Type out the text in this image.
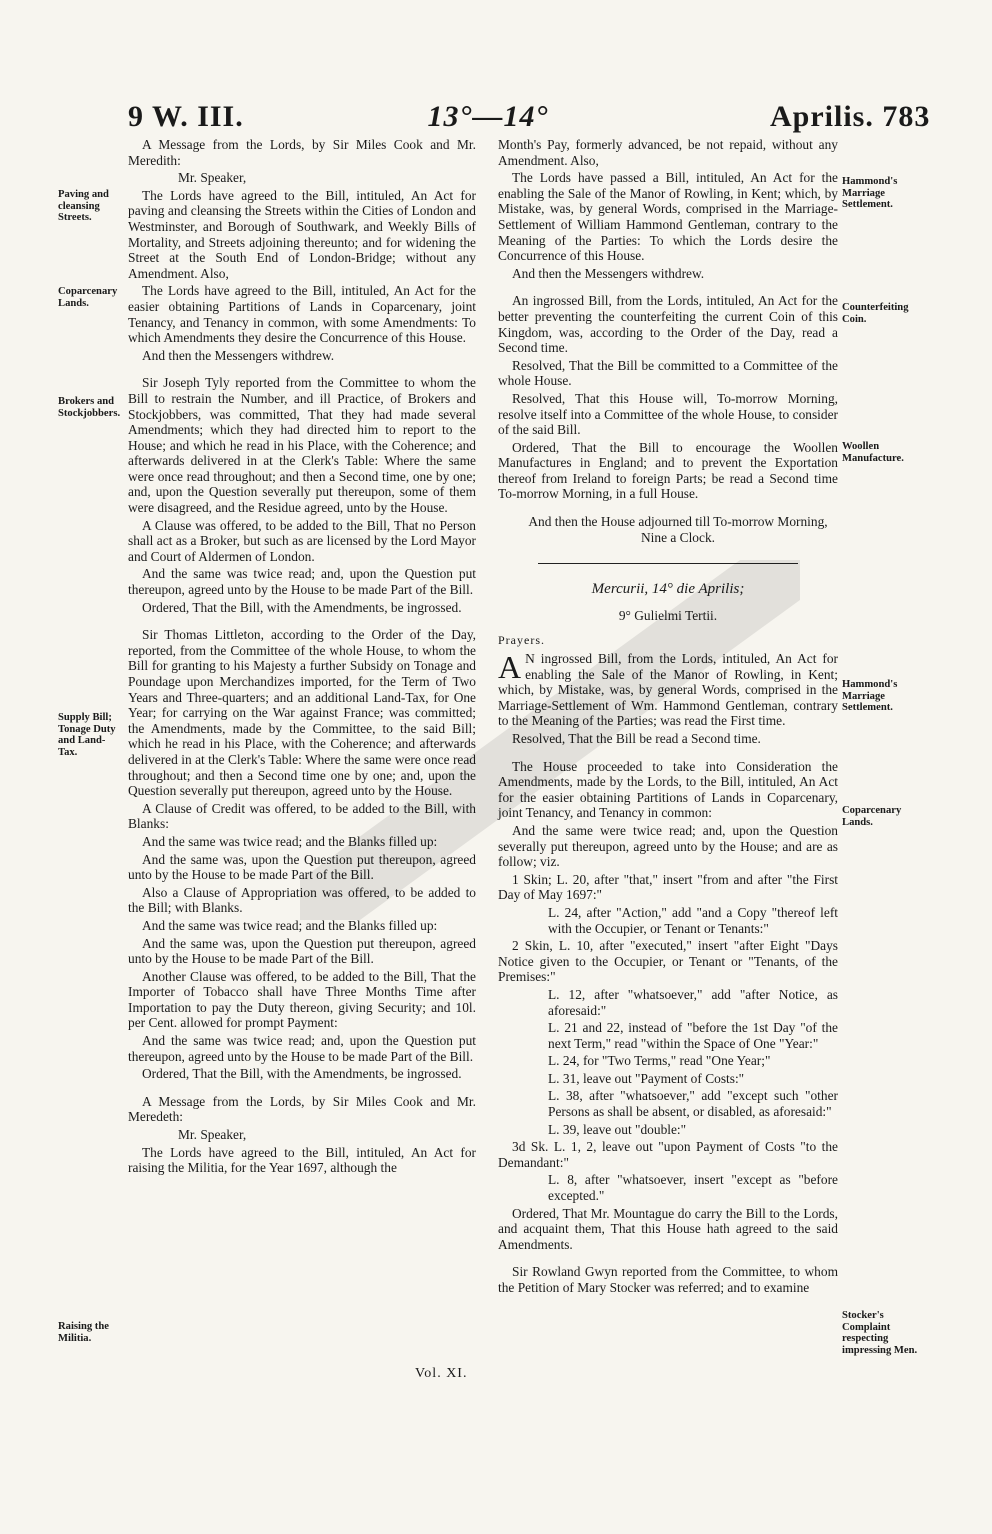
9 W. III.	13°—14°	Aprilis. 783

A Message from the Lords, by Sir Miles Cook and Mr. Meredith:

Mr. Speaker,

The Lords have agreed to the Bill, intituled, An Act for paving and cleansing the Streets within the Cities of London and Westminster, and Borough of Southwark, and Weekly Bills of Mortality, and Streets adjoining thereunto; and for widening the Street at the South End of London-Bridge; without any Amendment. Also,

The Lords have agreed to the Bill, intituled, An Act for the easier obtaining Partitions of Lands in Coparcenary, joint Tenancy, and Tenancy in common, with some Amendments: To which Amendments they desire the Concurrence of this House.

And then the Messengers withdrew.

Sir Joseph Tyly reported from the Committee to whom the Bill to restrain the Number, and ill Practice, of Brokers and Stockjobbers, was committed, That they had made several Amendments; which they had directed him to report to the House; and which he read in his Place, with the Coherence; and afterwards delivered in at the Clerk's Table: Where the same were once read throughout; and then a Second time, one by one; and, upon the Question severally put thereupon, some of them were disagreed, and the Residue agreed, unto by the House.

A Clause was offered, to be added to the Bill, That no Person shall act as a Broker, but such as are licensed by the Lord Mayor and Court of Aldermen of London.

And the same was twice read; and, upon the Question put thereupon, agreed unto by the House to be made Part of the Bill.

Ordered, That the Bill, with the Amendments, be ingrossed.

Sir Thomas Littleton, according to the Order of the Day, reported, from the Committee of the whole House, to whom the Bill for granting to his Majesty a further Subsidy on Tonage and Poundage upon Merchandizes imported, for the Term of Two Years and Three-quarters; and an additional Land-Tax, for One Year; for carrying on the War against France; was committed; the Amendments, made by the Committee, to the said Bill; which he read in his Place, with the Coherence; and afterwards delivered in at the Clerk's Table: Where the same were once read throughout; and then a Second time one by one; and, upon the Question severally put thereupon, agreed unto by the House.

A Clause of Credit was offered, to be added to the Bill, with Blanks:

And the same was twice read; and the Blanks filled up:

And the same was, upon the Question put thereupon, agreed unto by the House to be made Part of the Bill.

Also a Clause of Appropriation was offered, to be added to the Bill; with Blanks.

And the same was twice read; and the Blanks filled up:

And the same was, upon the Question put thereupon, agreed unto by the House to be made Part of the Bill.

Another Clause was offered, to be added to the Bill, That the Importer of Tobacco shall have Three Months Time after Importation to pay the Duty thereon, giving Security; and 10l. per Cent. allowed for prompt Payment:

And the same was twice read; and, upon the Question put thereupon, agreed unto by the House to be made Part of the Bill.

Ordered, That the Bill, with the Amendments, be ingrossed.

A Message from the Lords, by Sir Miles Cook and Mr. Meredeth:

Mr. Speaker,

The Lords have agreed to the Bill, intituled, An Act for raising the Militia, for the Year 1697, although the

Month's Pay, formerly advanced, be not repaid, without any Amendment. Also,

The Lords have passed a Bill, intituled, An Act for the enabling the Sale of the Manor of Rowling, in Kent; which, by Mistake, was, by general Words, comprised in the Marriage-Settlement of William Hammond Gentleman, contrary to the Meaning of the Parties: To which the Lords desire the Concurrence of this House.

And then the Messengers withdrew.

An ingrossed Bill, from the Lords, intituled, An Act for the better preventing the counterfeiting the current Coin of this Kingdom, was, according to the Order of the Day, read a Second time.

Resolved, That the Bill be committed to a Committee of the whole House.

Resolved, That this House will, To-morrow Morning, resolve itself into a Committee of the whole House, to consider of the said Bill.

Ordered, That the Bill to encourage the Woollen Manufactures in England; and to prevent the Exportation thereof from Ireland to foreign Parts; be read a Second time To-morrow Morning, in a full House.

And then the House adjourned till To-morrow Morning, Nine a Clock.

Mercurii, 14° die Aprilis;

9° Gulielmi Tertii.

Prayers.

A N ingrossed Bill, from the Lords, intituled, An Act for enabling the Sale of the Manor of Rowling, in Kent; which, by Mistake, was, by general Words, comprised in the Marriage-Settlement of Wm. Hammond Gentleman, contrary to the Meaning of the Parties; was read the First time.

Resolved, That the Bill be read a Second time.

The House proceeded to take into Consideration the Amendments, made by the Lords, to the Bill, intituled, An Act for the easier obtaining Partitions of Lands in Coparcenary, joint Tenancy, and Tenancy in common:

And the same were twice read; and, upon the Question severally put thereupon, agreed unto by the House; and are as follow; viz.

1 Skin; L. 20, after "that," insert "from and after "the First Day of May 1697:"

L. 24, after "Action," add "and a Copy "thereof left with the Occupier, or Tenant or Tenants:"

2 Skin, L. 10, after "executed," insert "after Eight "Days Notice given to the Occupier, or Tenant or "Tenants, of the Premises:"

L. 12, after "whatsoever," add "after Notice, as aforesaid:"

L. 21 and 22, instead of "before the 1st Day "of the next Term," read "within the Space of One "Year:"

L. 24, for "Two Terms," read "One Year;"

L. 31, leave out "Payment of Costs:"

L. 38, after "whatsoever," add "except such "other Persons as shall be absent, or disabled, as aforesaid:"

L. 39, leave out "double:"

3d Sk. L. 1, 2, leave out "upon Payment of Costs "to the Demandant:"

L. 8, after "whatsoever, insert "except as "before excepted."

Ordered, That Mr. Mountague do carry the Bill to the Lords, and acquaint them, That this House hath agreed to the said Amendments.

Sir Rowland Gwyn reported from the Committee, to whom the Petition of Mary Stocker was referred; and to examine

Paving and cleansing Streets.
Coparcenary Lands.
Brokers and Stockjobbers.
Supply Bill; Tonage Duty and Land-Tax.
Raising the Militia.
Hammond's Marriage Settlement.
Counterfeiting Coin.
Woollen Manufacture.
Hammond's Marriage Settlement.
Coparcenary Lands.
Stocker's Complaint respecting impressing Men.
Vol. XI.
